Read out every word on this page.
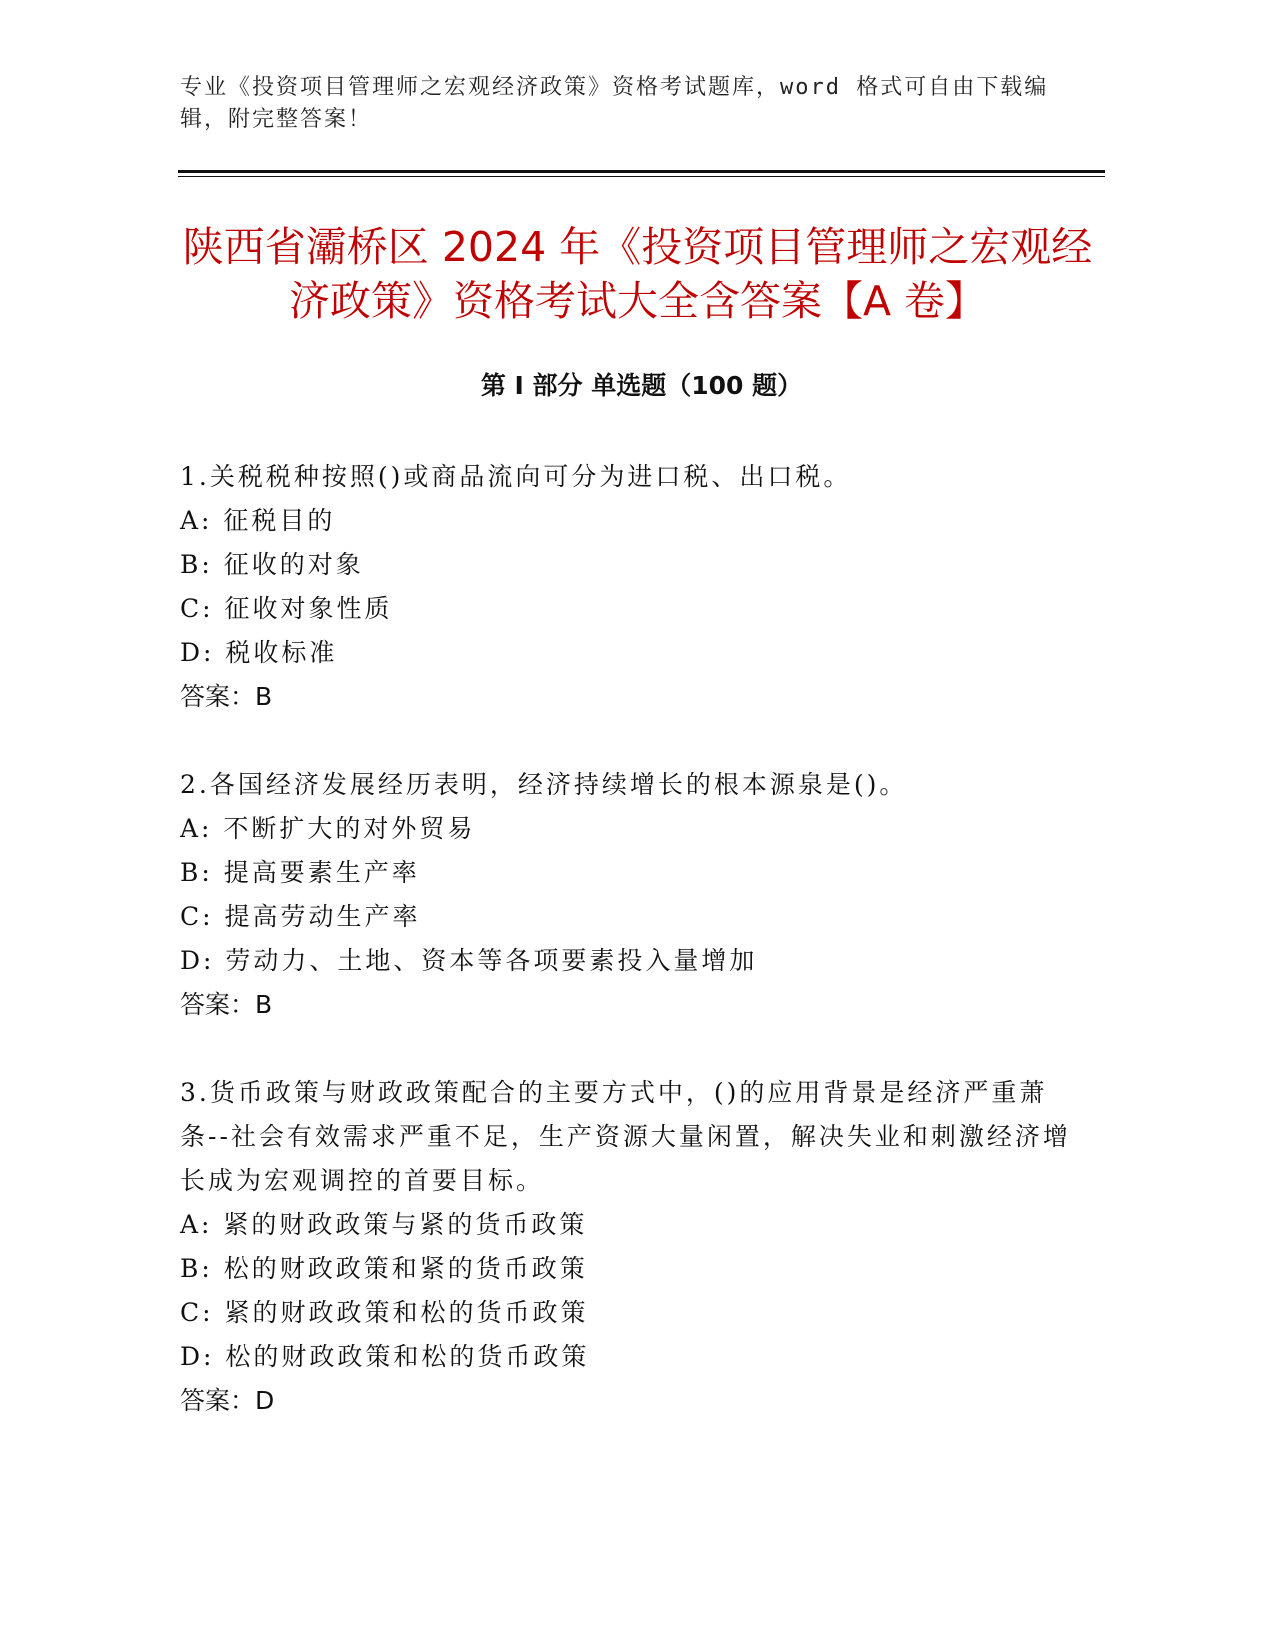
专业《投资项目管理师之宏观经济政策》资格考试题库，word 格式可自由下载编辑，附完整答案！
陕西省灞桥区 2024 年《投资项目管理师之宏观经济政策》资格考试大全含答案【A 卷】
第 I 部分 单选题（100 题）

1.关税税种按照()或商品流向可分为进口税、出口税。

A: 征税目的

B: 征收的对象

C: 征收对象性质

D: 税收标准

答案：B

2.各国经济发展经历表明，经济持续增长的根本源泉是()。

A: 不断扩大的对外贸易

B: 提高要素生产率

C: 提高劳动生产率

D: 劳动力、土地、资本等各项要素投入量增加

答案：B

3.货币政策与财政政策配合的主要方式中，()的应用背景是经济严重萧条--社会有效需求严重不足，生产资源大量闲置，解决失业和刺激经济增长成为宏观调控的首要目标。

A: 紧的财政政策与紧的货币政策

B: 松的财政政策和紧的货币政策

C: 紧的财政政策和松的货币政策

D: 松的财政政策和松的货币政策

答案：D
